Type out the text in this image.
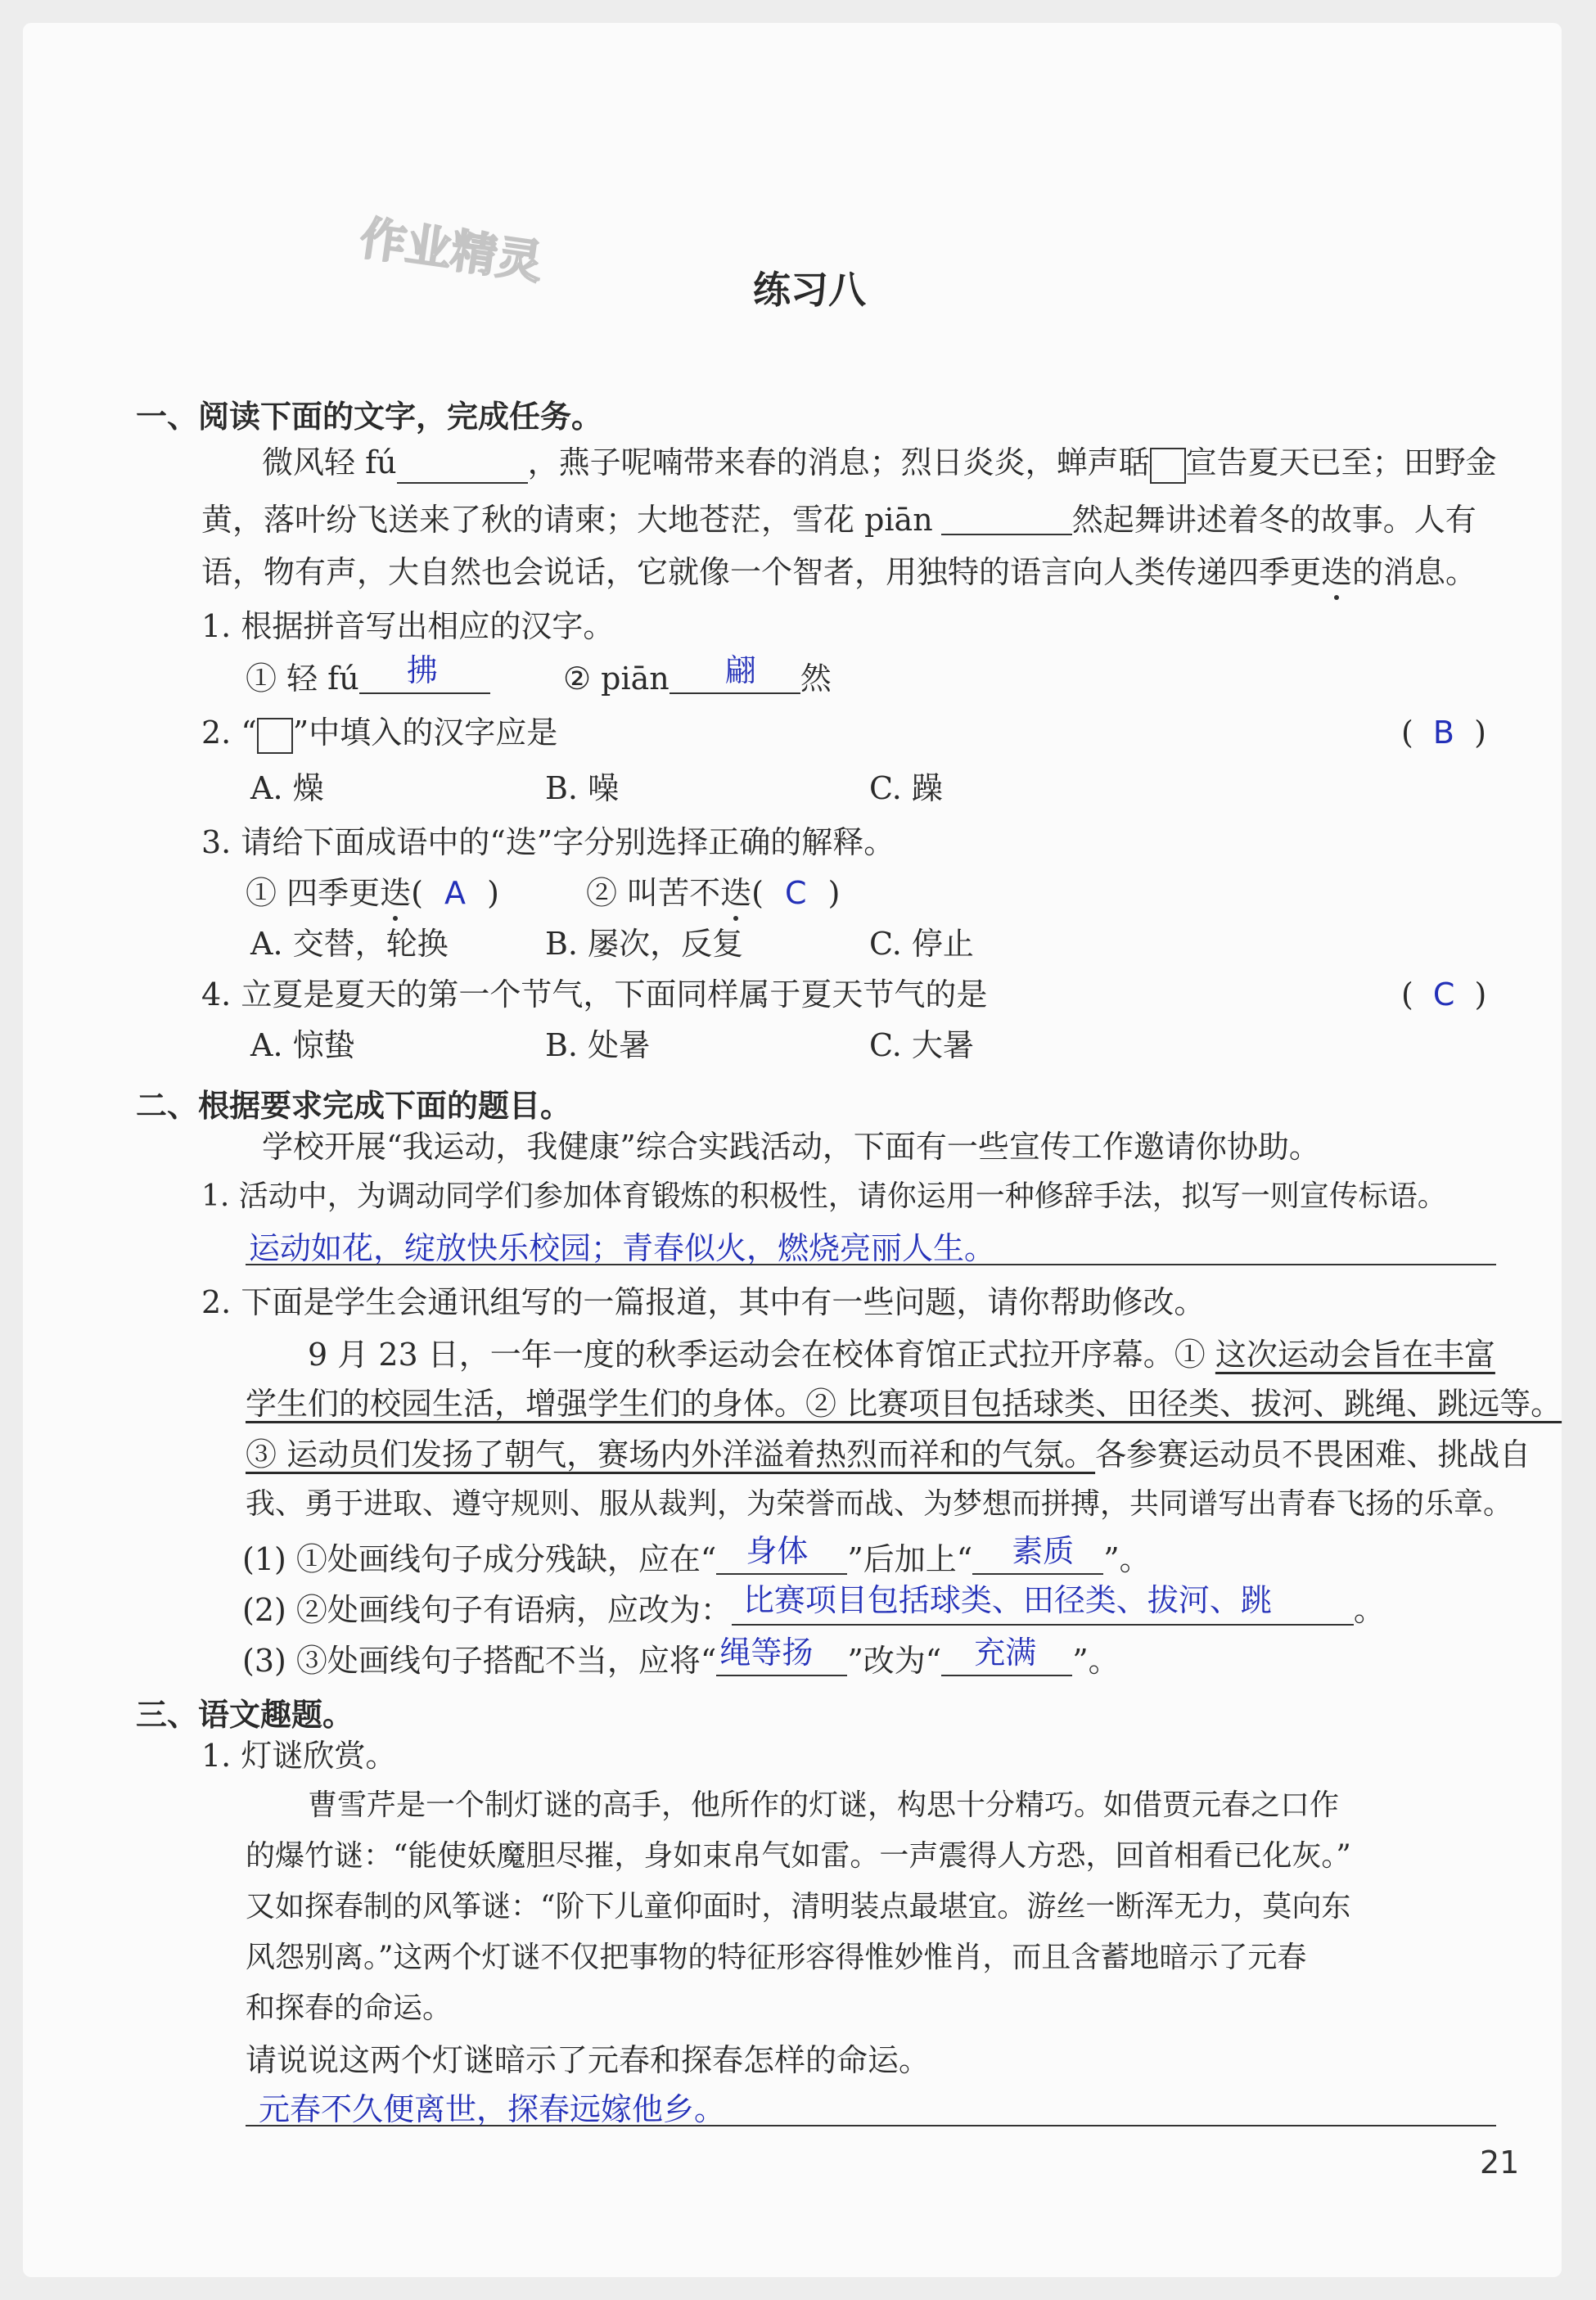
作业精灵	练习八
一、阅读下面的文字，完成任务。
微风轻 fú	，燕子呢喃带来春的消息；烈日炎炎，蝉声聒 宣告夏天已至；田野金
黄，落叶纷飞送来了秋的请柬；大地苍茫，雪花 piān	然起舞讲述着冬的故事。人有
语，物有声，大自然也会说话，它就像一个智者，用独特的语言向人类传递四季更迭的消息。
1. 根据拼音写出相应的汉字。
① 轻 fú 拂	② piān 翩 然
2. “ ”中填入的汉字应是	( B )
A. 燥	B. 噪	C. 躁
3. 请给下面成语中的“迭”字分别选择正确的解释。
① 四季更迭( A )	② 叫苦不迭( C )
A. 交替，轮换	B. 屡次，反复	C. 停止
4. 立夏是夏天的第一个节气，下面同样属于夏天节气的是	( C )
A. 惊蛰	B. 处暑	C. 大暑
二、根据要求完成下面的题目。
学校开展“我运动，我健康”综合实践活动，下面有一些宣传工作邀请你协助。
1. 活动中，为调动同学们参加体育锻炼的积极性，请你运用一种修辞手法，拟写一则宣传标语。
运动如花，绽放快乐校园；青春似火，燃烧亮丽人生。
2. 下面是学生会通讯组写的一篇报道，其中有一些问题，请你帮助修改。
9 月 23 日，一年一度的秋季运动会在校体育馆正式拉开序幕。① 这次运动会旨在丰富
学生们的校园生活，增强学生们的身体。② 比赛项目包括球类、田径类、拔河、跳绳、跳远等。
③ 运动员们发扬了朝气，赛场内外洋溢着热烈而祥和的气氛。各参赛运动员不畏困难、挑战自
我、勇于进取、遵守规则、服从裁判，为荣誉而战、为梦想而拼搏，共同谱写出青春飞扬的乐章。
(1) ①处画线句子成分残缺，应在“ 身体 ”后加上“ 素质 ”。
(2) ②处画线句子有语病，应改为： 比赛项目包括球类、田径类、拔河、跳	。
(3) ③处画线句子搭配不当，应将“ 绳等扬 ”改为“ 充满 ”。
三、语文趣题。
1. 灯谜欣赏。
曹雪芹是一个制灯谜的高手，他所作的灯谜，构思十分精巧。如借贾元春之口作
的爆竹谜：“能使妖魔胆尽摧，身如束帛气如雷。一声震得人方恐，回首相看已化灰。”
又如探春制的风筝谜：“阶下儿童仰面时，清明装点最堪宜。游丝一断浑无力，莫向东
风怨别离。”这两个灯谜不仅把事物的特征形容得惟妙惟肖，而且含蓄地暗示了元春
和探春的命运。
请说说这两个灯谜暗示了元春和探春怎样的命运。
元春不久便离世，探春远嫁他乡。
21
